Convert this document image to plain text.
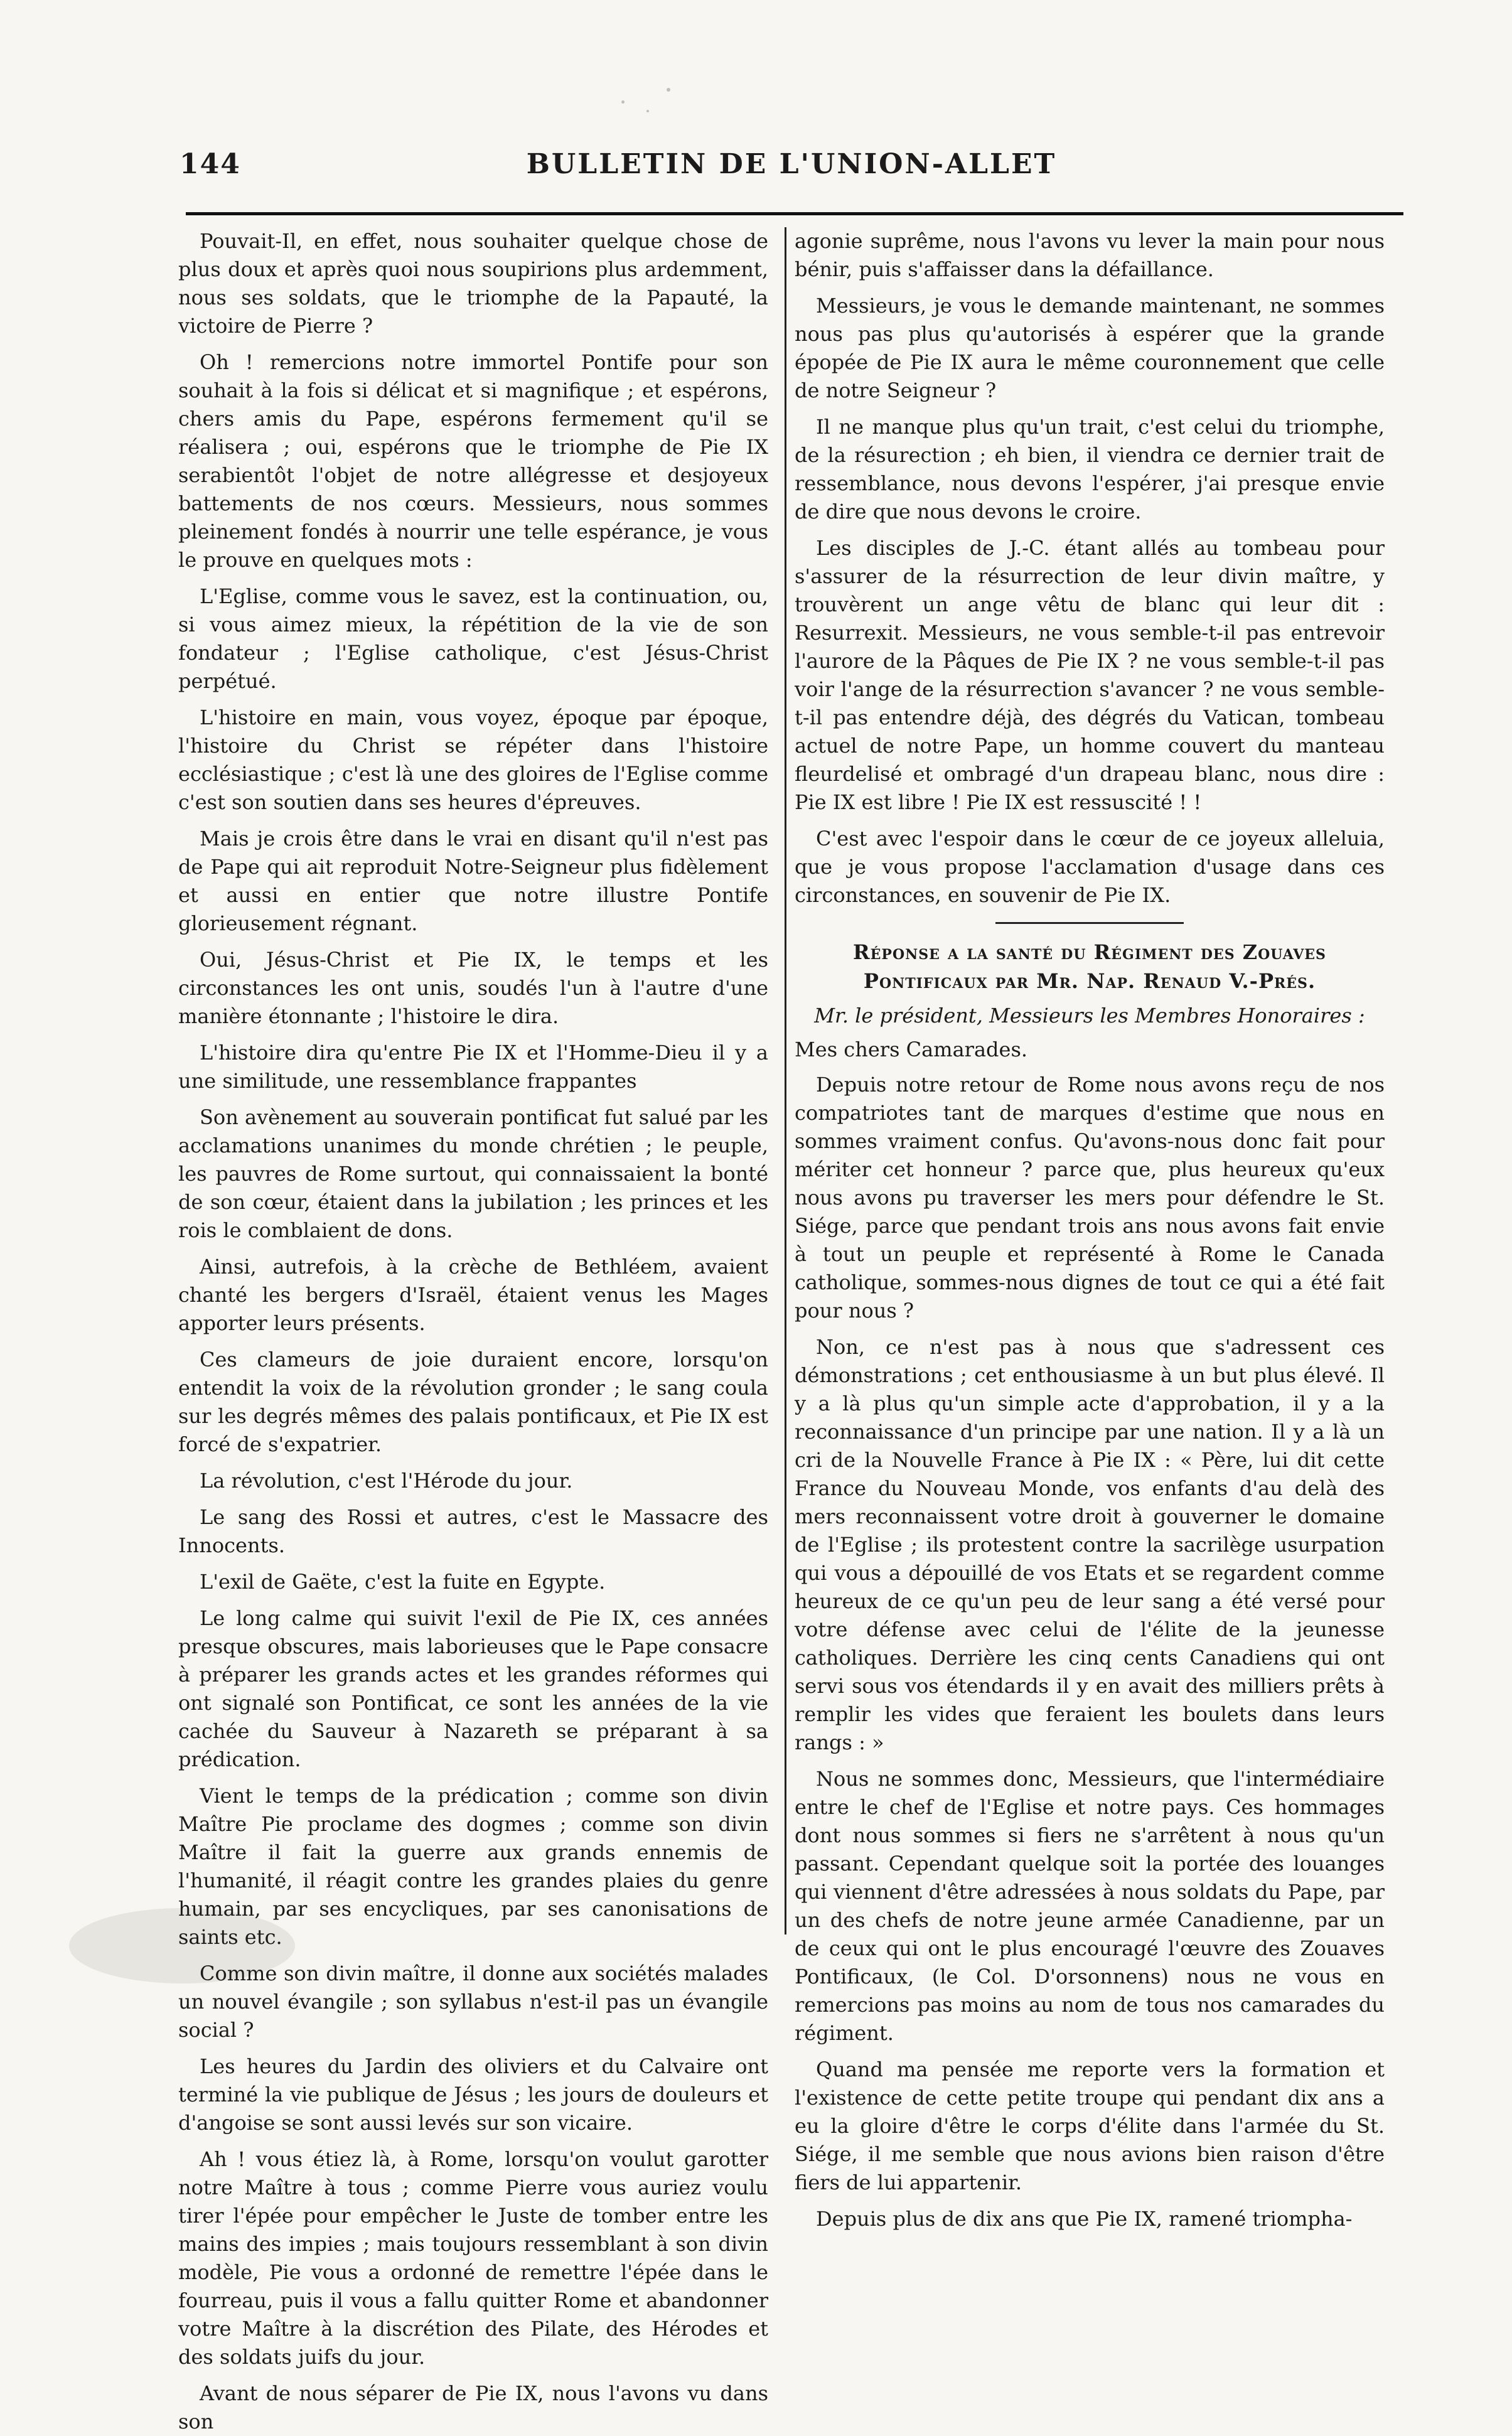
144	BULLETIN DE L'UNION-ALLET

Pouvait-Il, en effet, nous souhaiter quelque chose de plus doux et après quoi nous soupirions plus ardemment, nous ses soldats, que le triomphe de la Papauté, la victoire de Pierre ?

Oh ! remercions notre immortel Pontife pour son souhait à la fois si délicat et si magnifique ; et espérons, chers amis du Pape, espérons fermement qu'il se réalisera ; oui, espérons que le triomphe de Pie IX serabientôt l'objet de notre allégresse et desjoyeux battements de nos cœurs. Messieurs, nous sommes pleinement fondés à nourrir une telle espérance, je vous le prouve en quelques mots :

L'Eglise, comme vous le savez, est la continuation, ou, si vous aimez mieux, la répétition de la vie de son fondateur ; l'Eglise catholique, c'est Jésus-Christ perpétué.

L'histoire en main, vous voyez, époque par époque, l'histoire du Christ se répéter dans l'histoire ecclésiastique ; c'est là une des gloires de l'Eglise comme c'est son soutien dans ses heures d'épreuves.

Mais je crois être dans le vrai en disant qu'il n'est pas de Pape qui ait reproduit Notre-Seigneur plus fidèlement et aussi en entier que notre illustre Pontife glorieusement régnant.

Oui, Jésus-Christ et Pie IX, le temps et les circonstances les ont unis, soudés l'un à l'autre d'une manière étonnante ; l'histoire le dira.

L'histoire dira qu'entre Pie IX et l'Homme-Dieu il y a une similitude, une ressemblance frappantes

Son avènement au souverain pontificat fut salué par les acclamations unanimes du monde chrétien ; le peuple, les pauvres de Rome surtout, qui connaissaient la bonté de son cœur, étaient dans la jubilation ; les princes et les rois le comblaient de dons.

Ainsi, autrefois, à la crèche de Bethléem, avaient chanté les bergers d'Israël, étaient venus les Mages apporter leurs présents.

Ces clameurs de joie duraient encore, lorsqu'on entendit la voix de la révolution gronder ; le sang coula sur les degrés mêmes des palais pontificaux, et Pie IX est forcé de s'expatrier.

La révolution, c'est l'Hérode du jour.

Le sang des Rossi et autres, c'est le Massacre des Innocents.

L'exil de Gaëte, c'est la fuite en Egypte.

Le long calme qui suivit l'exil de Pie IX, ces années presque obscures, mais laborieuses que le Pape consacre à préparer les grands actes et les grandes réformes qui ont signalé son Pontificat, ce sont les années de la vie cachée du Sauveur à Nazareth se préparant à sa prédication.

Vient le temps de la prédication ; comme son divin Maître Pie proclame des dogmes ; comme son divin Maître il fait la guerre aux grands ennemis de l'humanité, il réagit contre les grandes plaies du genre humain, par ses encycliques, par ses canonisations de saints etc.

Comme son divin maître, il donne aux sociétés malades un nouvel évangile ; son syllabus n'est-il pas un évangile social ?

Les heures du Jardin des oliviers et du Calvaire ont terminé la vie publique de Jésus ; les jours de douleurs et d'angoise se sont aussi levés sur son vicaire.

Ah ! vous étiez là, à Rome, lorsqu'on voulut garotter notre Maître à tous ; comme Pierre vous auriez voulu tirer l'épée pour empêcher le Juste de tomber entre les mains des impies ; mais toujours ressemblant à son divin modèle, Pie vous a ordonné de remettre l'épée dans le fourreau, puis il vous a fallu quitter Rome et abandonner votre Maître à la discrétion des Pilate, des Hérodes et des soldats juifs du jour.

Avant de nous séparer de Pie IX, nous l'avons vu dans son

agonie suprême, nous l'avons vu lever la main pour nous bénir, puis s'affaisser dans la défaillance.

Messieurs, je vous le demande maintenant, ne sommes nous pas plus qu'autorisés à espérer que la grande épopée de Pie IX aura le même couronnement que celle de notre Seigneur ?

Il ne manque plus qu'un trait, c'est celui du triomphe, de la résurection ; eh bien, il viendra ce dernier trait de ressemblance, nous devons l'espérer, j'ai presque envie de dire que nous devons le croire.

Les disciples de J.-C. étant allés au tombeau pour s'assurer de la résurrection de leur divin maître, y trouvèrent un ange vêtu de blanc qui leur dit : Resurrexit. Messieurs, ne vous semble-t-il pas entrevoir l'aurore de la Pâques de Pie IX ? ne vous semble-t-il pas voir l'ange de la résurrection s'avancer ? ne vous semble-t-il pas entendre déjà, des dégrés du Vatican, tombeau actuel de notre Pape, un homme couvert du manteau fleurdelisé et ombragé d'un drapeau blanc, nous dire : Pie IX est libre ! Pie IX est ressuscité ! !

C'est avec l'espoir dans le cœur de ce joyeux alleluia, que je vous propose l'acclamation d'usage dans ces circonstances, en souvenir de Pie IX.

Réponse a la santé du Régiment des Zouaves Pontificaux par Mr. Nap. Renaud V.-Prés.

Mr. le président, Messieurs les Membres Honoraires :

Mes chers Camarades.

Depuis notre retour de Rome nous avons reçu de nos compatriotes tant de marques d'estime que nous en sommes vraiment confus. Qu'avons-nous donc fait pour mériter cet honneur ? parce que, plus heureux qu'eux nous avons pu traverser les mers pour défendre le St. Siége, parce que pendant trois ans nous avons fait envie à tout un peuple et représenté à Rome le Canada catholique, sommes-nous dignes de tout ce qui a été fait pour nous ?

Non, ce n'est pas à nous que s'adressent ces démonstrations ; cet enthousiasme à un but plus élevé. Il y a là plus qu'un simple acte d'approbation, il y a la reconnaissance d'un principe par une nation. Il y a là un cri de la Nouvelle France à Pie IX : « Père, lui dit cette France du Nouveau Monde, vos enfants d'au delà des mers reconnaissent votre droit à gouverner le domaine de l'Eglise ; ils protestent contre la sacrilège usurpation qui vous a dépouillé de vos Etats et se regardent comme heureux de ce qu'un peu de leur sang a été versé pour votre défense avec celui de l'élite de la jeunesse catholiques. Derrière les cinq cents Canadiens qui ont servi sous vos étendards il y en avait des milliers prêts à remplir les vides que feraient les boulets dans leurs rangs : »

Nous ne sommes donc, Messieurs, que l'intermédiaire entre le chef de l'Eglise et notre pays. Ces hommages dont nous sommes si fiers ne s'arrêtent à nous qu'un passant. Cependant quelque soit la portée des louanges qui viennent d'être adressées à nous soldats du Pape, par un des chefs de notre jeune armée Canadienne, par un de ceux qui ont le plus encouragé l'œuvre des Zouaves Pontificaux, (le Col. D'orsonnens) nous ne vous en remercions pas moins au nom de tous nos camarades du régiment.

Quand ma pensée me reporte vers la formation et l'existence de cette petite troupe qui pendant dix ans a eu la gloire d'être le corps d'élite dans l'armée du St. Siége, il me semble que nous avions bien raison d'être fiers de lui appartenir.

Depuis plus de dix ans que Pie IX, ramené triompha-
